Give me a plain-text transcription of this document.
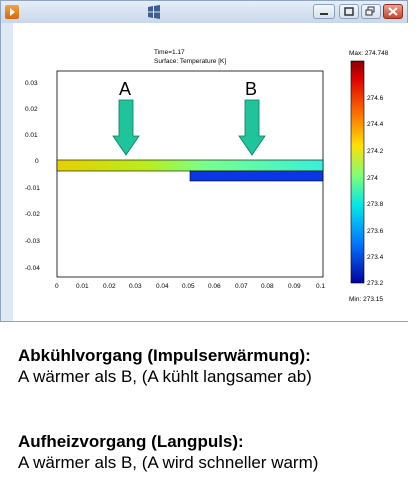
Time=1.17
Surface: Temperature [K]
0.03
0.02
0.01
0
-0.01
-0.02
-0.03
-0.04
0	0.01 0.02 0.03 0.04 0.05 0.06 0.07 0.08 0.09 0.1
A	B
Max: 274.748
274.6
274.4
274.2
274
273.8
273.6
273.4
273.2
Min: 273.15
Abkühlvorgang (Impulserwärmung):
A wärmer als B, (A kühlt langsamer ab)
Aufheizvorgang (Langpuls):
A wärmer als B, (A wird schneller warm)
